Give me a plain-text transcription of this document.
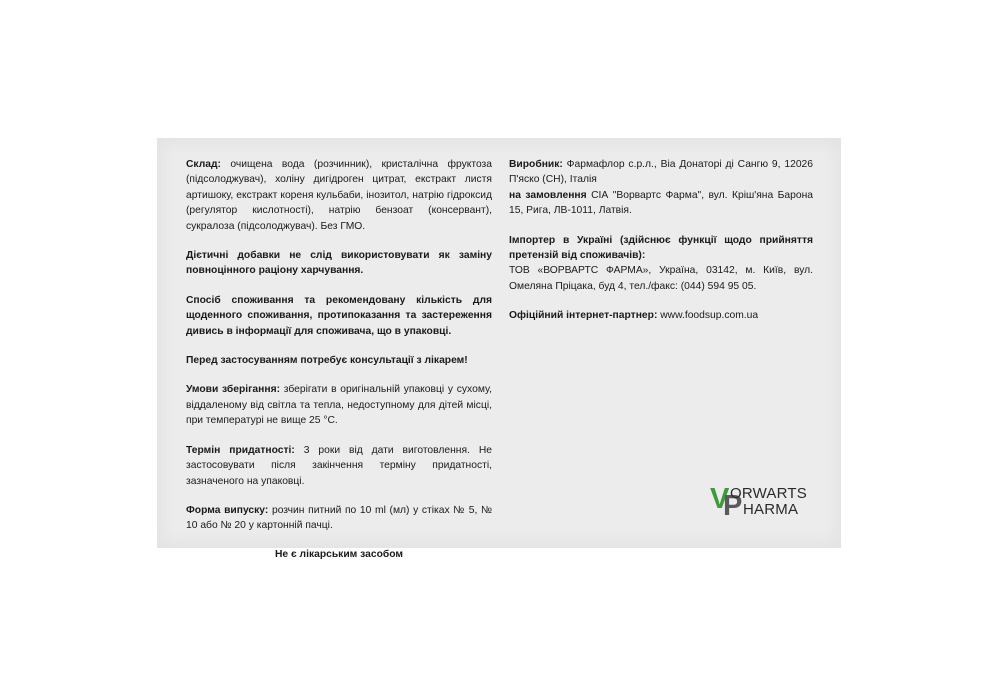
Склад: очищена вода (розчинник), кристалічна фруктоза (підсолоджувач), холіну дигідроген цитрат, екстракт листя артишоку, екстракт кореня кульбаби, інозитол, натрію гідроксид (регулятор кислотності), натрію бензоат (консервант), сукралоза (підсолоджувач). Без ГМО.
Дієтичні добавки не слід використовувати як заміну повноцінного раціону харчування.
Спосіб споживання та рекомендовану кількість для щоденного споживання, протипоказання та застереження дивись в інформації для споживача, що в упаковці.
Перед застосуванням потребує консультації з лікарем!
Умови зберігання: зберігати в оригінальній упаковці у сухому, віддаленому від світла та тепла, недоступному для дітей місці, при температурі не вище 25 °С.
Термін придатності: 3 роки від дати виготовлення. Не застосовувати після закінчення терміну придатності, зазначеного на упаковці.
Форма випуску: розчин питний по 10 ml (мл) у стіках № 5, № 10 або № 20 у картонній пачці.
Не є лікарським засобом
Виробник: Фармафлор с.р.л., Віа Донаторі ді Сангю 9, 12026 П'яско (СН), Італія
на замовлення СІА "Ворвартс Фарма", вул. Кріш'яна Барона 15, Рига, ЛВ-1011, Латвія.
Імпортер в Україні (здійснює функції щодо прийняття претензій від споживачів):
ТОВ «ВОРВАРТС ФАРМА», Україна, 03142, м. Київ, вул. Омеляна Пріцака, буд 4, тел./факс: (044) 594 95 05.
Офіційний інтернет-партнер: www.foodsup.com.ua
V
P
ORWARTS
HARMA
